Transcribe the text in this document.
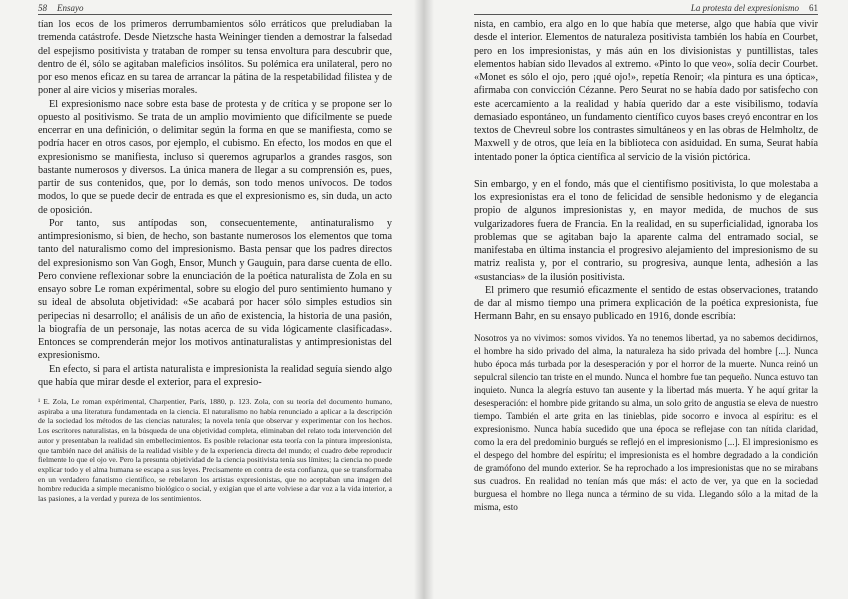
58 Ensayo

tían los ecos de los primeros derrumbamientos sólo erráticos que preludiaban la tremenda catástrofe. Desde Nietzsche hasta Weininger tienden a demostrar la falsedad del espejismo positivista y trataban de romper su tensa envoltura para descubrir que, dentro de él, sólo se agitaban maleficios insólitos. Su polémica era unilateral, pero no por eso menos eficaz en su tarea de arrancar la pátina de la respetabilidad filistea y de poner al aire vicios y miserias morales.

El expresionismo nace sobre esta base de protesta y de crítica y se propone ser lo opuesto al positivismo. Se trata de un amplio movimiento que difícilmente se puede encerrar en una definición, o delimitar según la forma en que se manifiesta, como se podría hacer en otros casos, por ejemplo, el cubismo. En efecto, los modos en que el expresionismo se manifiesta, incluso si queremos agruparlos a grandes rasgos, son bastante numerosos y diversos. La única manera de llegar a su comprensión es, pues, partir de sus contenidos, que, por lo demás, son todo menos unívocos. De todos modos, lo que se puede decir de entrada es que el expresionismo es, sin duda, un acto de oposición.

Por tanto, sus antípodas son, consecuentemente, antinaturalismo y antimpresionismo, si bien, de hecho, son bastante numerosos los elementos que toma tanto del naturalismo como del impresionismo. Basta pensar que los padres directos del expresionismo son Van Gogh, Ensor, Munch y Gauguin, para darse cuenta de ello. Pero conviene reflexionar sobre la enunciación de la poética naturalista de Zola en su ensayo sobre Le roman expérimental, sobre su elogio del puro sentimiento humano y su ideal de absoluta objetividad: «Se acabará por hacer sólo simples estudios sin peripecias ni desarrollo; el análisis de un año de existencia, la historia de una pasión, la biografía de un personaje, las notas acerca de su vida lógicamente clasificadas». Entonces se comprenderán mejor los motivos antinaturalistas y antimpresionistas del expresionismo.

En efecto, si para el artista naturalista e impresionista la realidad seguía siendo algo que había que mirar desde el exterior, para el expresio-

¹ E. Zola, Le roman expérimental, Charpentier, París, 1880, p. 123. Zola, con su teoría del documento humano, aspiraba a una literatura fundamentada en la ciencia. El naturalismo no había renunciado a aplicar a la descripción de la sociedad los métodos de las ciencias naturales; la novela tenía que observar y experimentar con los hechos. Los escritores naturalistas, en la búsqueda de una objetividad completa, eliminaban del relato toda intervención del autor y presentaban la realidad sin embellecimientos. Es posible relacionar esta teoría con la pintura impresionista, que también nace del análisis de la realidad visible y de la experiencia directa del mundo; el cuadro debe reproducir fielmente lo que el ojo ve. Pero la presunta objetividad de la ciencia positivista tenía sus límites; la ciencia no puede explicar todo y el alma humana se escapa a sus leyes. Precisamente en contra de esta confianza, que se transformaba en un verdadero fanatismo científico, se rebelaron los artistas expresionistas, que no aceptaban una imagen del hombre reducida a simple mecanismo biológico o social, y exigían que el arte volviese a dar voz a la vida interior, a las pasiones, a la verdad y pureza de los sentimientos.
La protesta del expresionismo 61

nista, en cambio, era algo en lo que había que meterse, algo que había que vivir desde el interior. Elementos de naturaleza positivista también los había en Courbet, pero en los impresionistas, y más aún en los divisionistas y puntillistas, tales elementos habían sido llevados al extremo. «Pinto lo que veo», solía decir Courbet. «Monet es sólo el ojo, pero ¡qué ojo!», repetía Renoir; «la pintura es una óptica», afirmaba con convicción Cézanne. Pero Seurat no se había dado por satisfecho con este acercamiento a la realidad y había querido dar a este visibilismo, todavía demasiado espontáneo, un fundamento científico cuyos bases creyó encontrar en los textos de Chevreul sobre los contrastes simultáneos y en las obras de Helmholtz, de Maxwell y de otros, que leía en la biblioteca con asiduidad. En suma, Seurat había intentado poner la óptica científica al servicio de la visión pictórica.

Sin embargo, y en el fondo, más que el cientifismo positivista, lo que molestaba a los expresionistas era el tono de felicidad de sensible hedonismo y de elegancia propio de algunos impresionistas y, en mayor medida, de muchos de sus vulgarizadores fuera de Francia. En la realidad, en su superficialidad, ignoraba los problemas que se agitaban bajo la aparente calma del entramado social, se manifestaba en última instancia el progresivo alejamiento del impresionismo de su matriz realista y, por el contrario, su progresiva, aunque lenta, adhesión a las «sustancias» de la ilusión positivista.

El primero que resumió eficazmente el sentido de estas observaciones, tratando de dar al mismo tiempo una primera explicación de la poética expresionista, fue Hermann Bahr, en su ensayo publicado en 1916, donde escribía:

Nosotros ya no vivimos: somos vividos. Ya no tenemos libertad, ya no sabemos decidirnos, el hombre ha sido privado del alma, la naturaleza ha sido privada del hombre [...]. Nunca hubo época más turbada por la desesperación y por el horror de la muerte. Nunca reinó un sepulcral silencio tan triste en el mundo. Nunca el hombre fue tan pequeño. Nunca estuvo tan inquieto. Nunca la alegría estuvo tan ausente y la libertad más muerta. Y he aquí gritar la desesperación: el hombre pide gritando su alma, un solo grito de angustia se eleva de nuestro tiempo. También el arte grita en las tinieblas, pide socorro e invoca al espíritu: es el expresionismo. Nunca había sucedido que una época se reflejase con tan nítida claridad, como la era del predominio burgués se reflejó en el impresionismo [...]. El impresionismo es el despego del hombre del espíritu; el impresionista es el hombre degradado a la condición de gramófono del mundo exterior. Se ha reprochado a los impresionistas que no se mirabans sus cuadros. En realidad no tenían más que más: el acto de ver, ya que en la sociedad burguesa el hombre no llega nunca a término de su vida. Llegando sólo a la mitad de la misma, esto
